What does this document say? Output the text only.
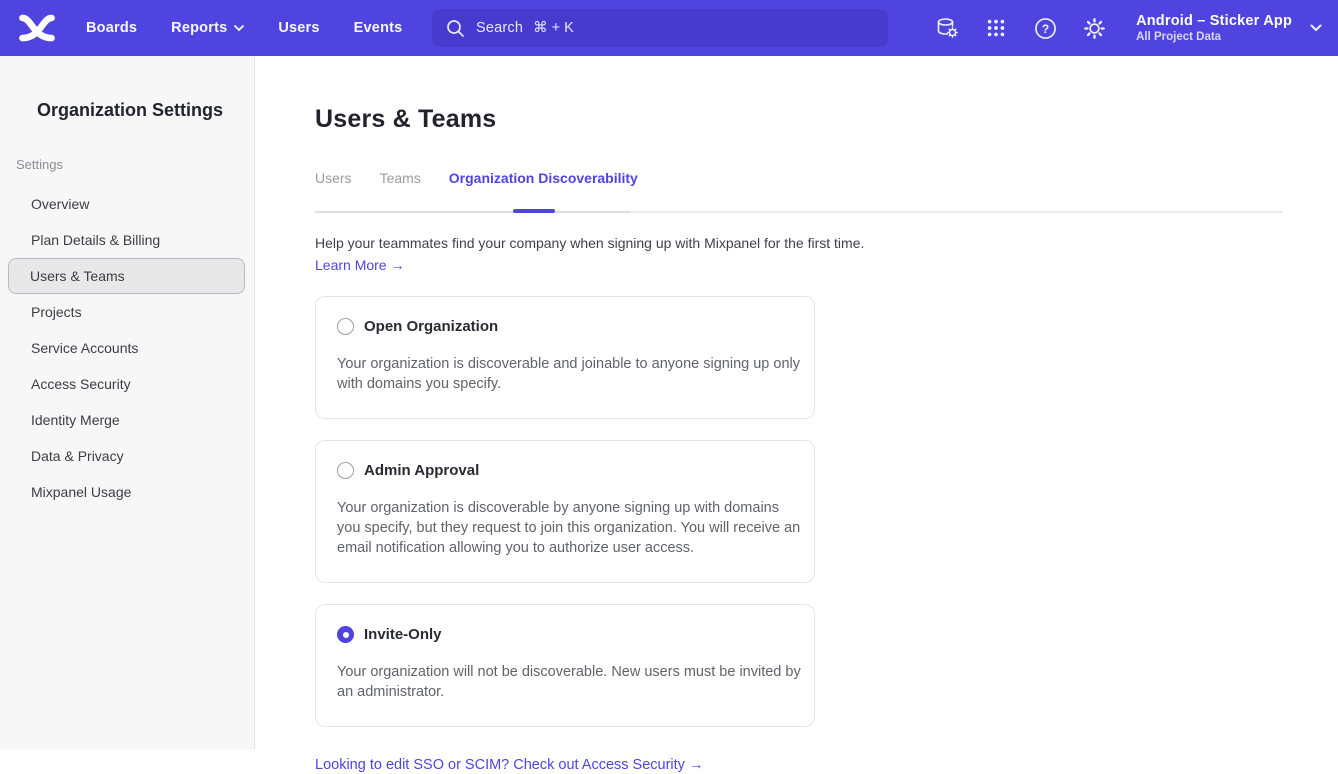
Boards Reports	Users Events	Search ⌘ + K	?	Android – Sticker App
All Project Data
Organization Settings
Settings
Overview
Plan Details & Billing
Users & Teams
Projects
Service Accounts
Access Security
Identity Merge
Data & Privacy
Mixpanel Usage
Users & Teams
Users Teams Organization Discoverability

Help your teammates find your company when signing up with Mixpanel for the first time.

Learn More →
Open Organization

Your organization is discoverable and joinable to anyone signing up only with domains you specify.

Admin Approval

Your organization is discoverable by anyone signing up with domains you specify, but they request to join this organization. You will receive an email notification allowing you to authorize user access.

Invite-Only

Your organization will not be discoverable. New users must be invited by an administrator.

Looking to edit SSO or SCIM? Check out Access Security →
